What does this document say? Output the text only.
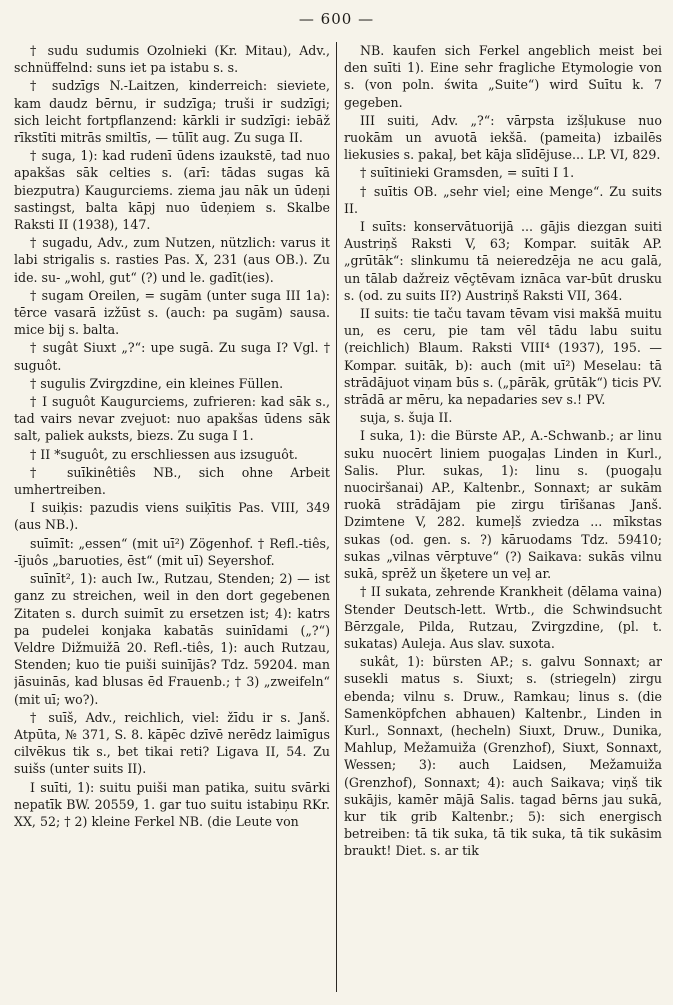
— 600 —

† sudu sudumis Ozolnieki (Kr. Mitau), Adv., schnüffelnd: suns iet pa istabu s. s.

† sudzīgs N.-Laitzen, kinderreich: sieviete, kam daudz bērnu, ir sudzīga; truši ir sudzīgi; sich leicht fortpflanzend: kārkli ir sudzīgi: iebāž rīkstīti mitrās smiltīs, — tūlīt aug. Zu suga II.

† suga, 1): kad rudenī ūdens izaukstē, tad nuo apakšas sāk celties s. (arī: tādas sugas kā biezputra) Kaugurciems. ziema jau nāk un ūdeņi sastingst, balta kāpj nuo ūdeņiem s. Skalbe Raksti II (1938), 147.

† sugadu, Adv., zum Nutzen, nützlich: varus it labi strigalis s. rasties Pas. X, 231 (aus OB.). Zu ide. su- „wohl, gut“ (?) und le. gadīt(ies).

† sugam Oreilen, = sugām (unter suga III 1a): tērce vasarā izžūst s. (auch: pa sugām) sausa. mice bij s. balta.

† sugât Siuxt „?“: upe sugā. Zu suga I? Vgl. † suguôt.

† sugulis Zvirgzdine, ein kleines Füllen.

† I suguôt Kaugurciems, zufrieren: kad sāk s., tad vairs nevar zvejuot: nuo apakšas ūdens sāk salt, paliek auksts, biezs. Zu suga I 1.

† II *suguôt, zu erschliessen aus izsuguôt.

† suīkinêtiês NB., sich ohne Arbeit umhertreiben.

I suiķis: pazudis viens suiķītis Pas. VIII, 349 (aus NB.).

suīmīt: „essen“ (mit uī²) Zögenhof. † Refl.-tiês, -ījuôs „baruoties, ēst“ (mit uī) Seyershof.

suīnīt², 1): auch Iw., Rutzau, Stenden; 2) — ist ganz zu streichen, weil in den dort gegebenen Zitaten s. durch suimīt zu ersetzen ist; 4): katrs pa pudelei konjaka kabatās suinīdami („?“) Veldre Dižmuižā 20. Refl.-tiês, 1): auch Rutzau, Stenden; kuo tie puiši suinījās? Tdz. 59204. man jāsuinās, kad blusas ēd Frauenb.; † 3) „zweifeln“ (mit uī; wo?).

† suīš, Adv., reichlich, viel: žīdu ir s. Janš. Atpūta, № 371, S. 8. kāpēc dzīvē nerēdz laimīgus cilvēkus tik s., bet tikai reti? Ligava II, 54. Zu suišs (unter suits II).

I suīti, 1): suitu puiši man patika, suitu svārki nepatīk BW. 20559, 1. gar tuo suitu istabiņu RKr. XX, 52; † 2) kleine Ferkel NB. (die Leute von

NB. kaufen sich Ferkel angeblich meist bei den suīti 1). Eine sehr fragliche Etymologie von s. (von poln. świta „Suite“) wird Suītu k. 7 gegeben.

III suiti, Adv. „?“: vārpsta izšļukuse nuo ruokām un avuotā iekšā. (pameita) izbailēs liekusies s. pakaļ, bet kāja slīdējuse... LP. VI, 829.

† suītinieki Gramsden, = suīti I 1.

† suītis OB. „sehr viel; eine Menge“. Zu suits II.

I suīts: konservātuorijā ... gājis diezgan suiti Austriņš Raksti V, 63; Kompar. suitāk AP. „grūtāk“: slinkumu tā neieredzēja ne acu galā, un tālab dažreiz vēçtēvam iznāca var-būt drusku s. (od. zu suits II?) Austriņš Raksti VII, 364.

II suits: tie taču tavam tēvam visi makšā muitu un, es ceru, pie tam vēl tādu labu suitu (reichlich) Blaum. Raksti VIII⁴ (1937), 195. — Kompar. suitāk, b): auch (mit uī²) Meselau: tā strādājuot viņam būs s. („pārāk, grūtāk“) ticis PV. strādā ar mēru, ka nepadaries sev s.! PV.

suja, s. šuja II.

I suka, 1): die Bürste AP., A.-Schwanb.; ar linu suku nuocērt liniem puogaļas Linden in Kurl., Salis. Plur. sukas, 1): linu s. (puogaļu nuociršanai) AP., Kaltenbr., Sonnaxt; ar sukām ruokā strādājam pie zirgu tīrīšanas Janš. Dzimtene V, 282. kumeļš zviedza ... mīkstas sukas (od. gen. s. ?) kāruodams Tdz. 59410; sukas „vilnas vērptuve“ (?) Saikava: sukās vilnu sukā, sprēž un šķetere un veļ ar.

† II sukata, zehrende Krankheit (dēlama vaina) Stender Deutsch-lett. Wrtb., die Schwindsucht Bērzgale, Pilda, Rutzau, Zvirgzdine, (pl. t. sukatas) Auleja. Aus slav. suxota.

sukât, 1): bürsten AP.; s. galvu Sonnaxt; ar susekli matus s. Siuxt; s. (striegeln) zirgu ebenda; vilnu s. Druw., Ramkau; linus s. (die Samenköpfchen abhauen) Kaltenbr., Linden in Kurl., Sonnaxt, (hecheln) Siuxt, Druw., Dunika, Mahlup, Mežamuiža (Grenzhof), Siuxt, Sonnaxt, Wessen; 3): auch Laidsen, Mežamuiža (Grenzhof), Sonnaxt; 4): auch Saikava; viņš tik sukājis, kamēr mājā Salis. tagad bērns jau sukā, kur tik grib Kaltenbr.; 5): sich energisch betreiben: tā tik suka, tā tik suka, tā tik sukāsim braukt! Diet. s. ar tik
